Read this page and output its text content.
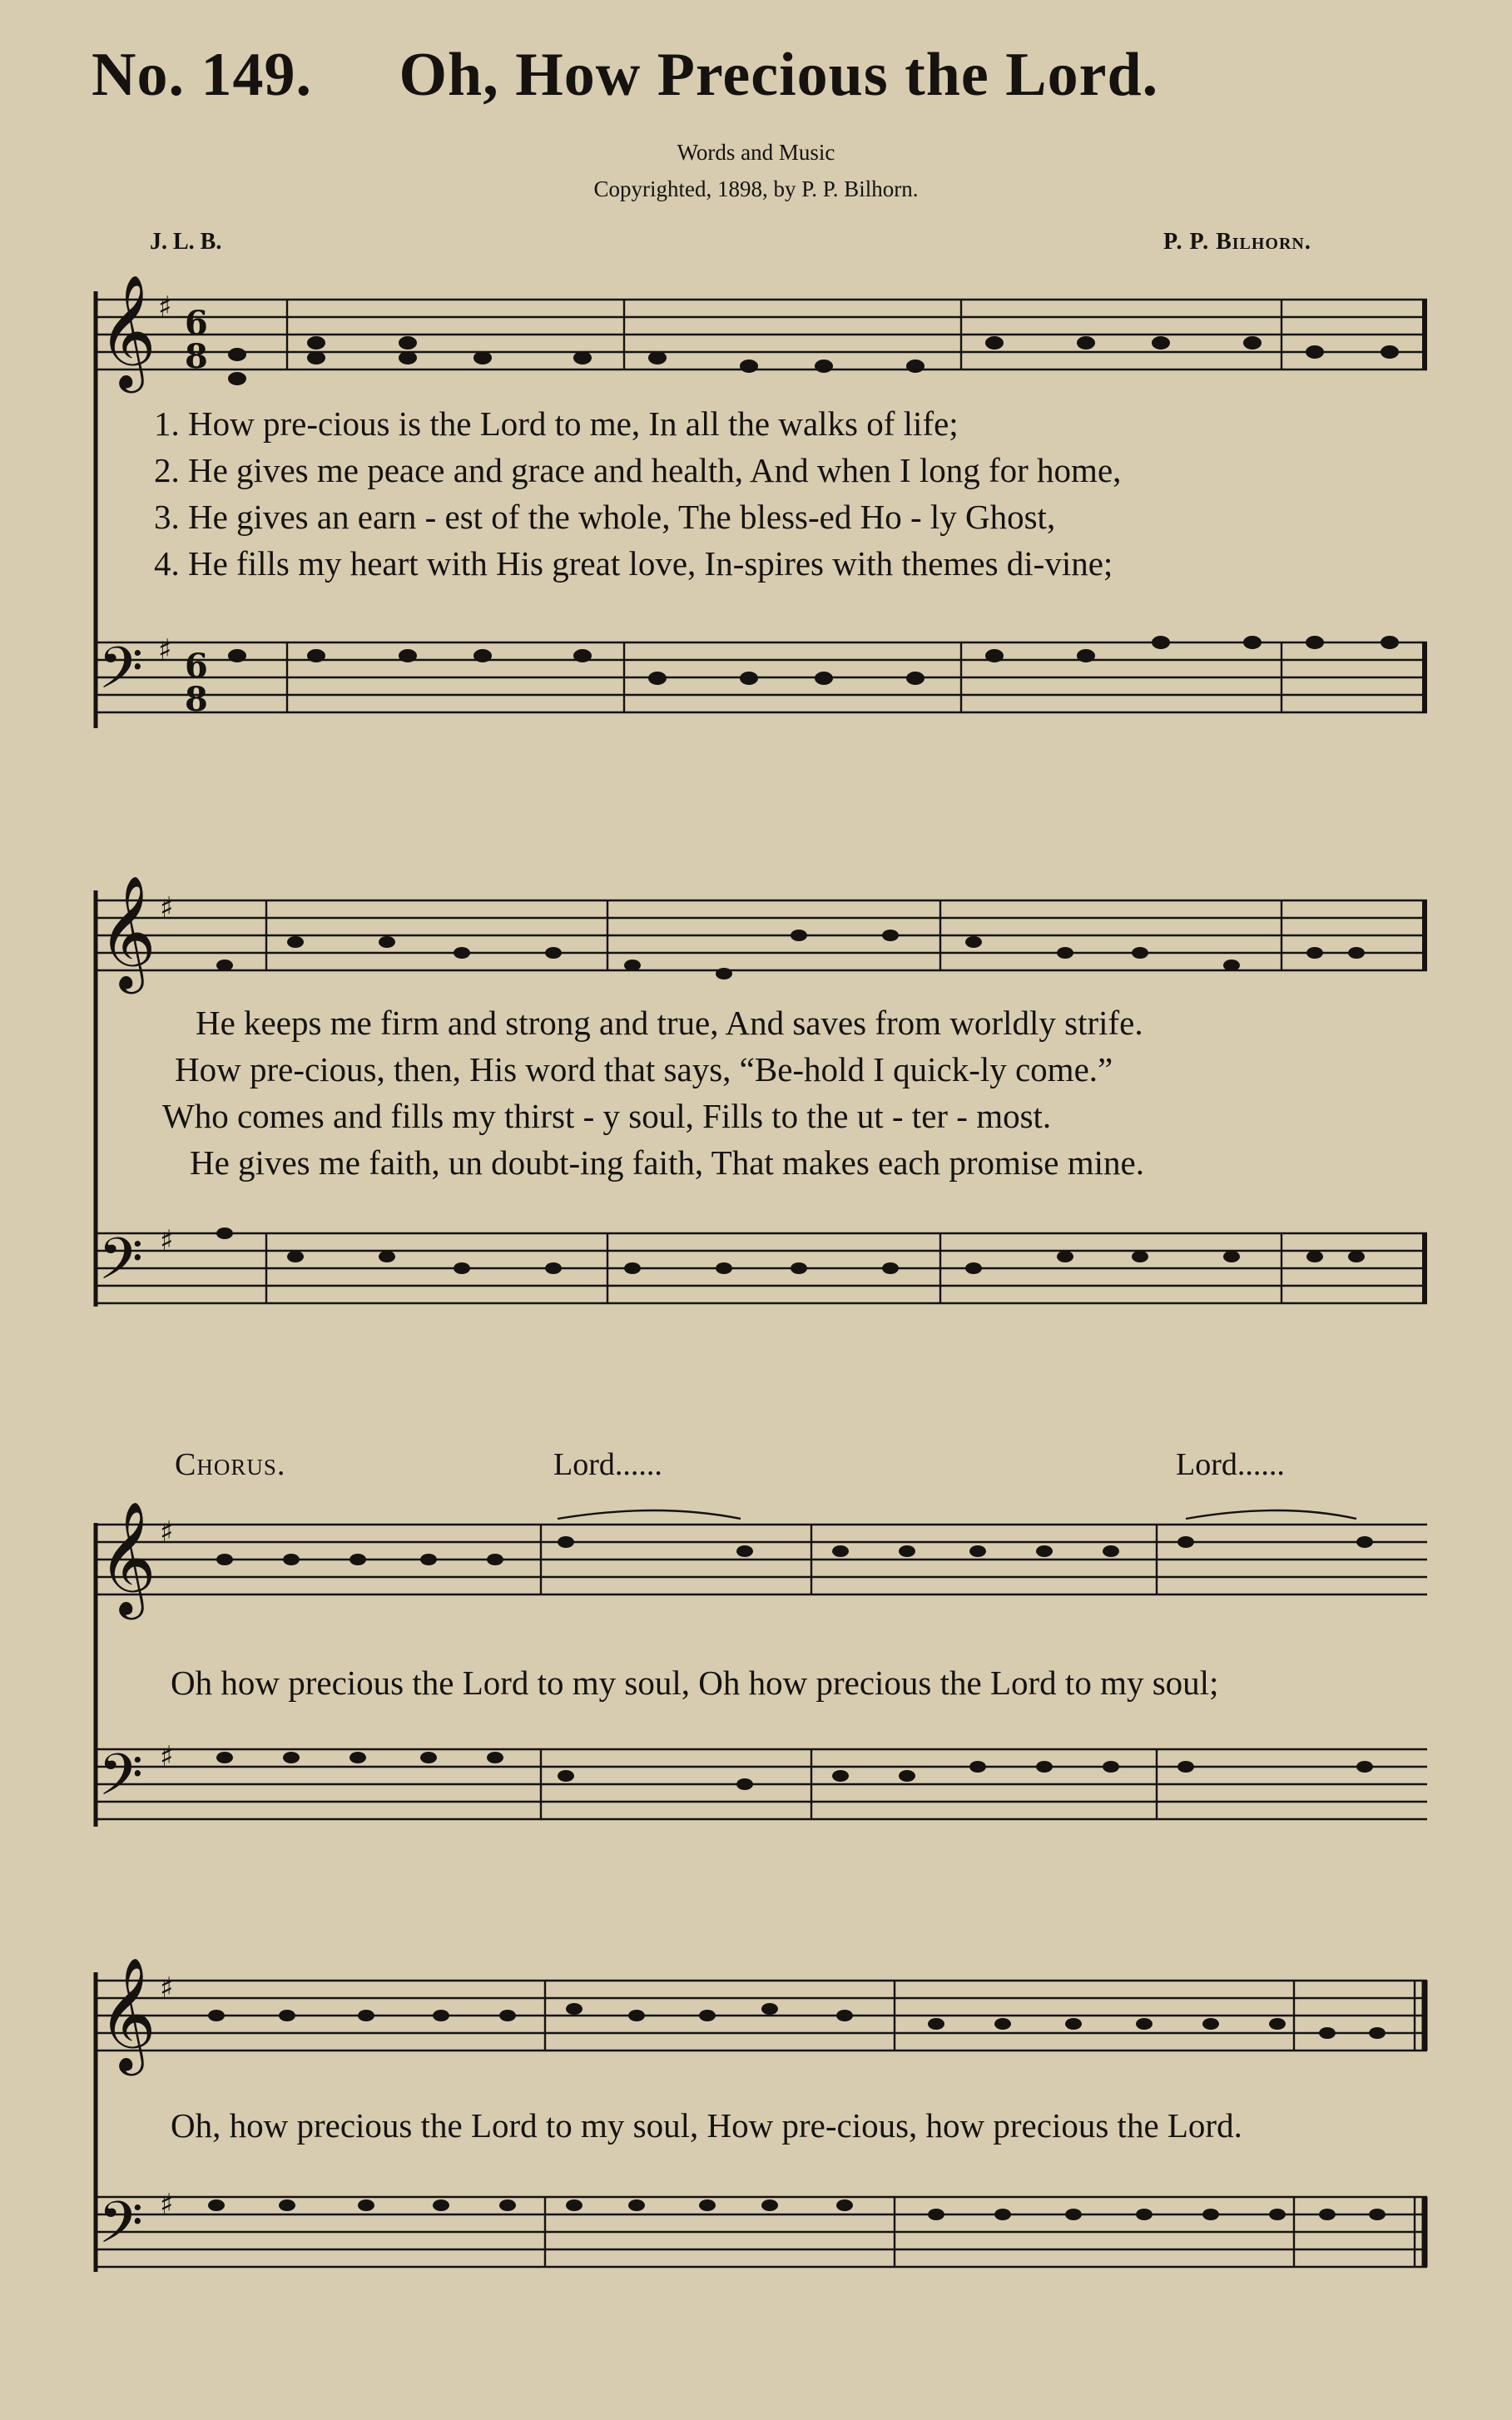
No. 149. Oh, How Precious the Lord.
Words and Music
Copyrighted, 1898, by P. P. Bilhorn.
J. L. B.	P. P. Bilhorn.
𝄞
𝄢
♯
♯
6
8
6
8
1. How pre-cious is the Lord to me, In all the walks of life;
2. He gives me peace and grace and health, And when I long for home,
3. He gives an earn - est of the whole, The bless-ed Ho - ly Ghost,
4. He fills my heart with His great love, In-spires with themes di-vine;
𝄞
𝄢
♯
♯
He keeps me firm and strong and true, And saves from worldly strife.
How pre-cious, then, His word that says, “Be-hold I quick-ly come.”
Who comes and fills my thirst - y soul, Fills to the ut - ter - most.
He gives me faith, un doubt-ing faith, That makes each promise mine.
Chorus.	Lord......	Lord......
𝄞
𝄢
♯
♯
Oh how precious the Lord to my soul, Oh how precious the Lord to my soul;
𝄞
𝄢
♯
♯
Oh, how precious the Lord to my soul, How pre-cious, how precious the Lord.
